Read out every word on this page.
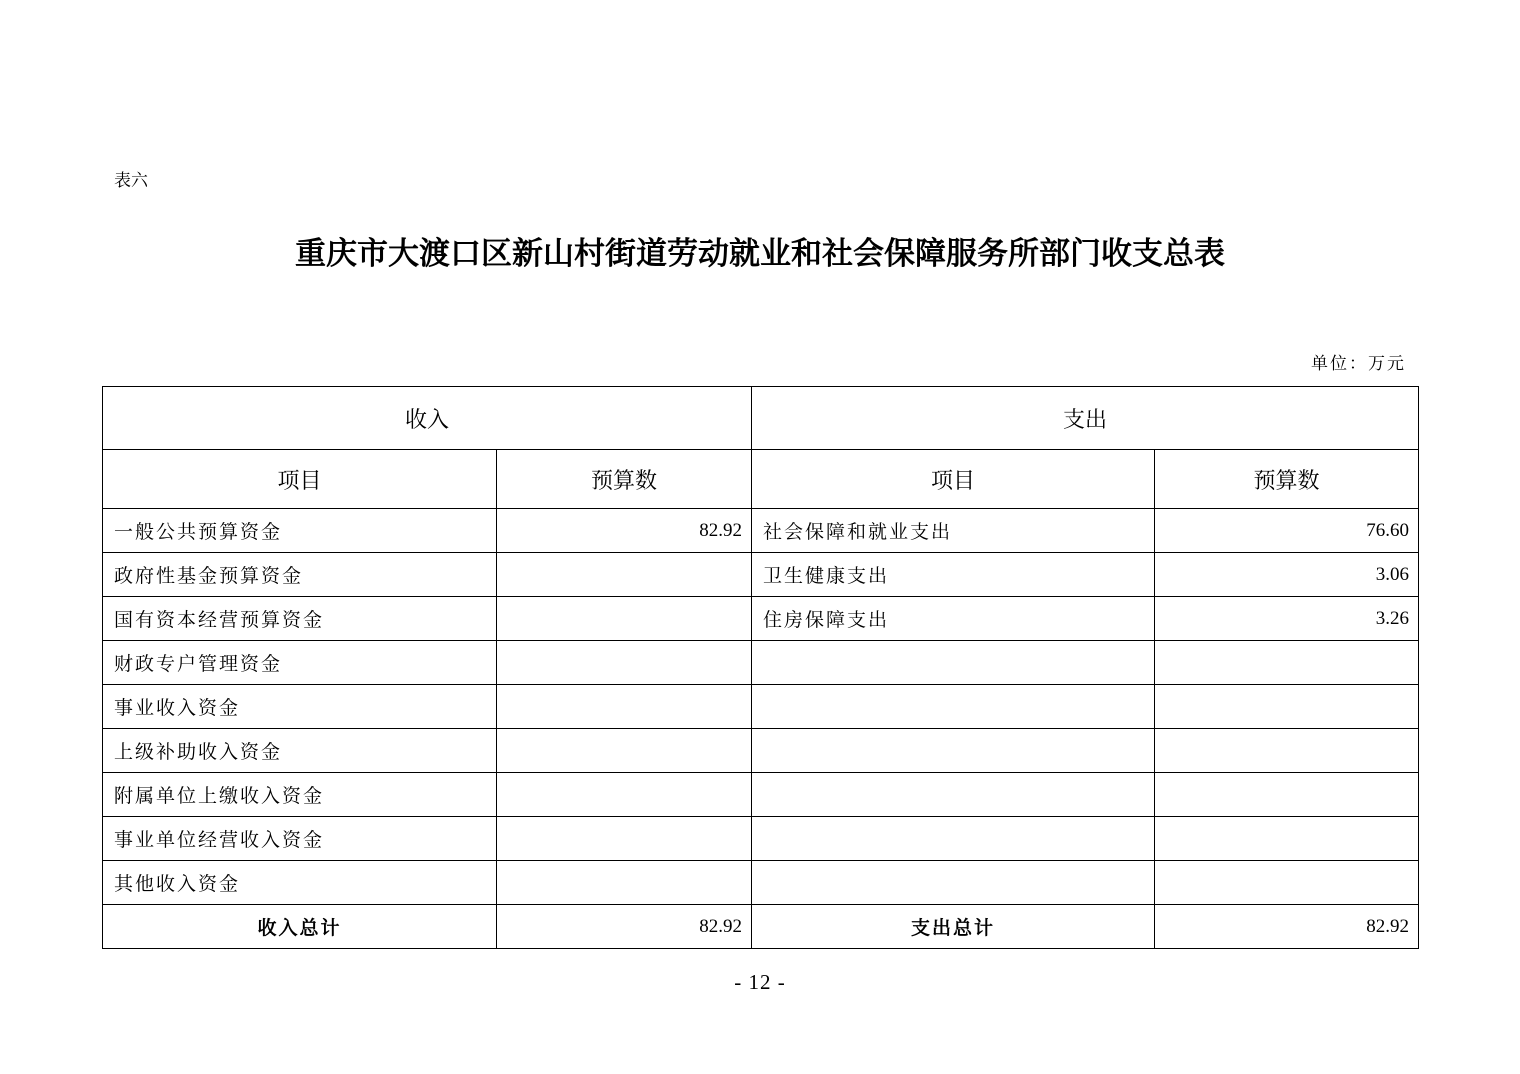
表六
重庆市大渡口区新山村街道劳动就业和社会保障服务所部门收支总表
单位：万元
收入		支出	
项目	预算数	项目	预算数
一般公共预算资金	82.92	社会保障和就业支出	76.60
政府性基金预算资金		卫生健康支出	3.06
国有资本经营预算资金		住房保障支出	3.26
财政专户管理资金			
事业收入资金			
上级补助收入资金			
附属单位上缴收入资金			
事业单位经营收入资金			
其他收入资金			
收入总计	82.92	支出总计	82.92
- 12 -
